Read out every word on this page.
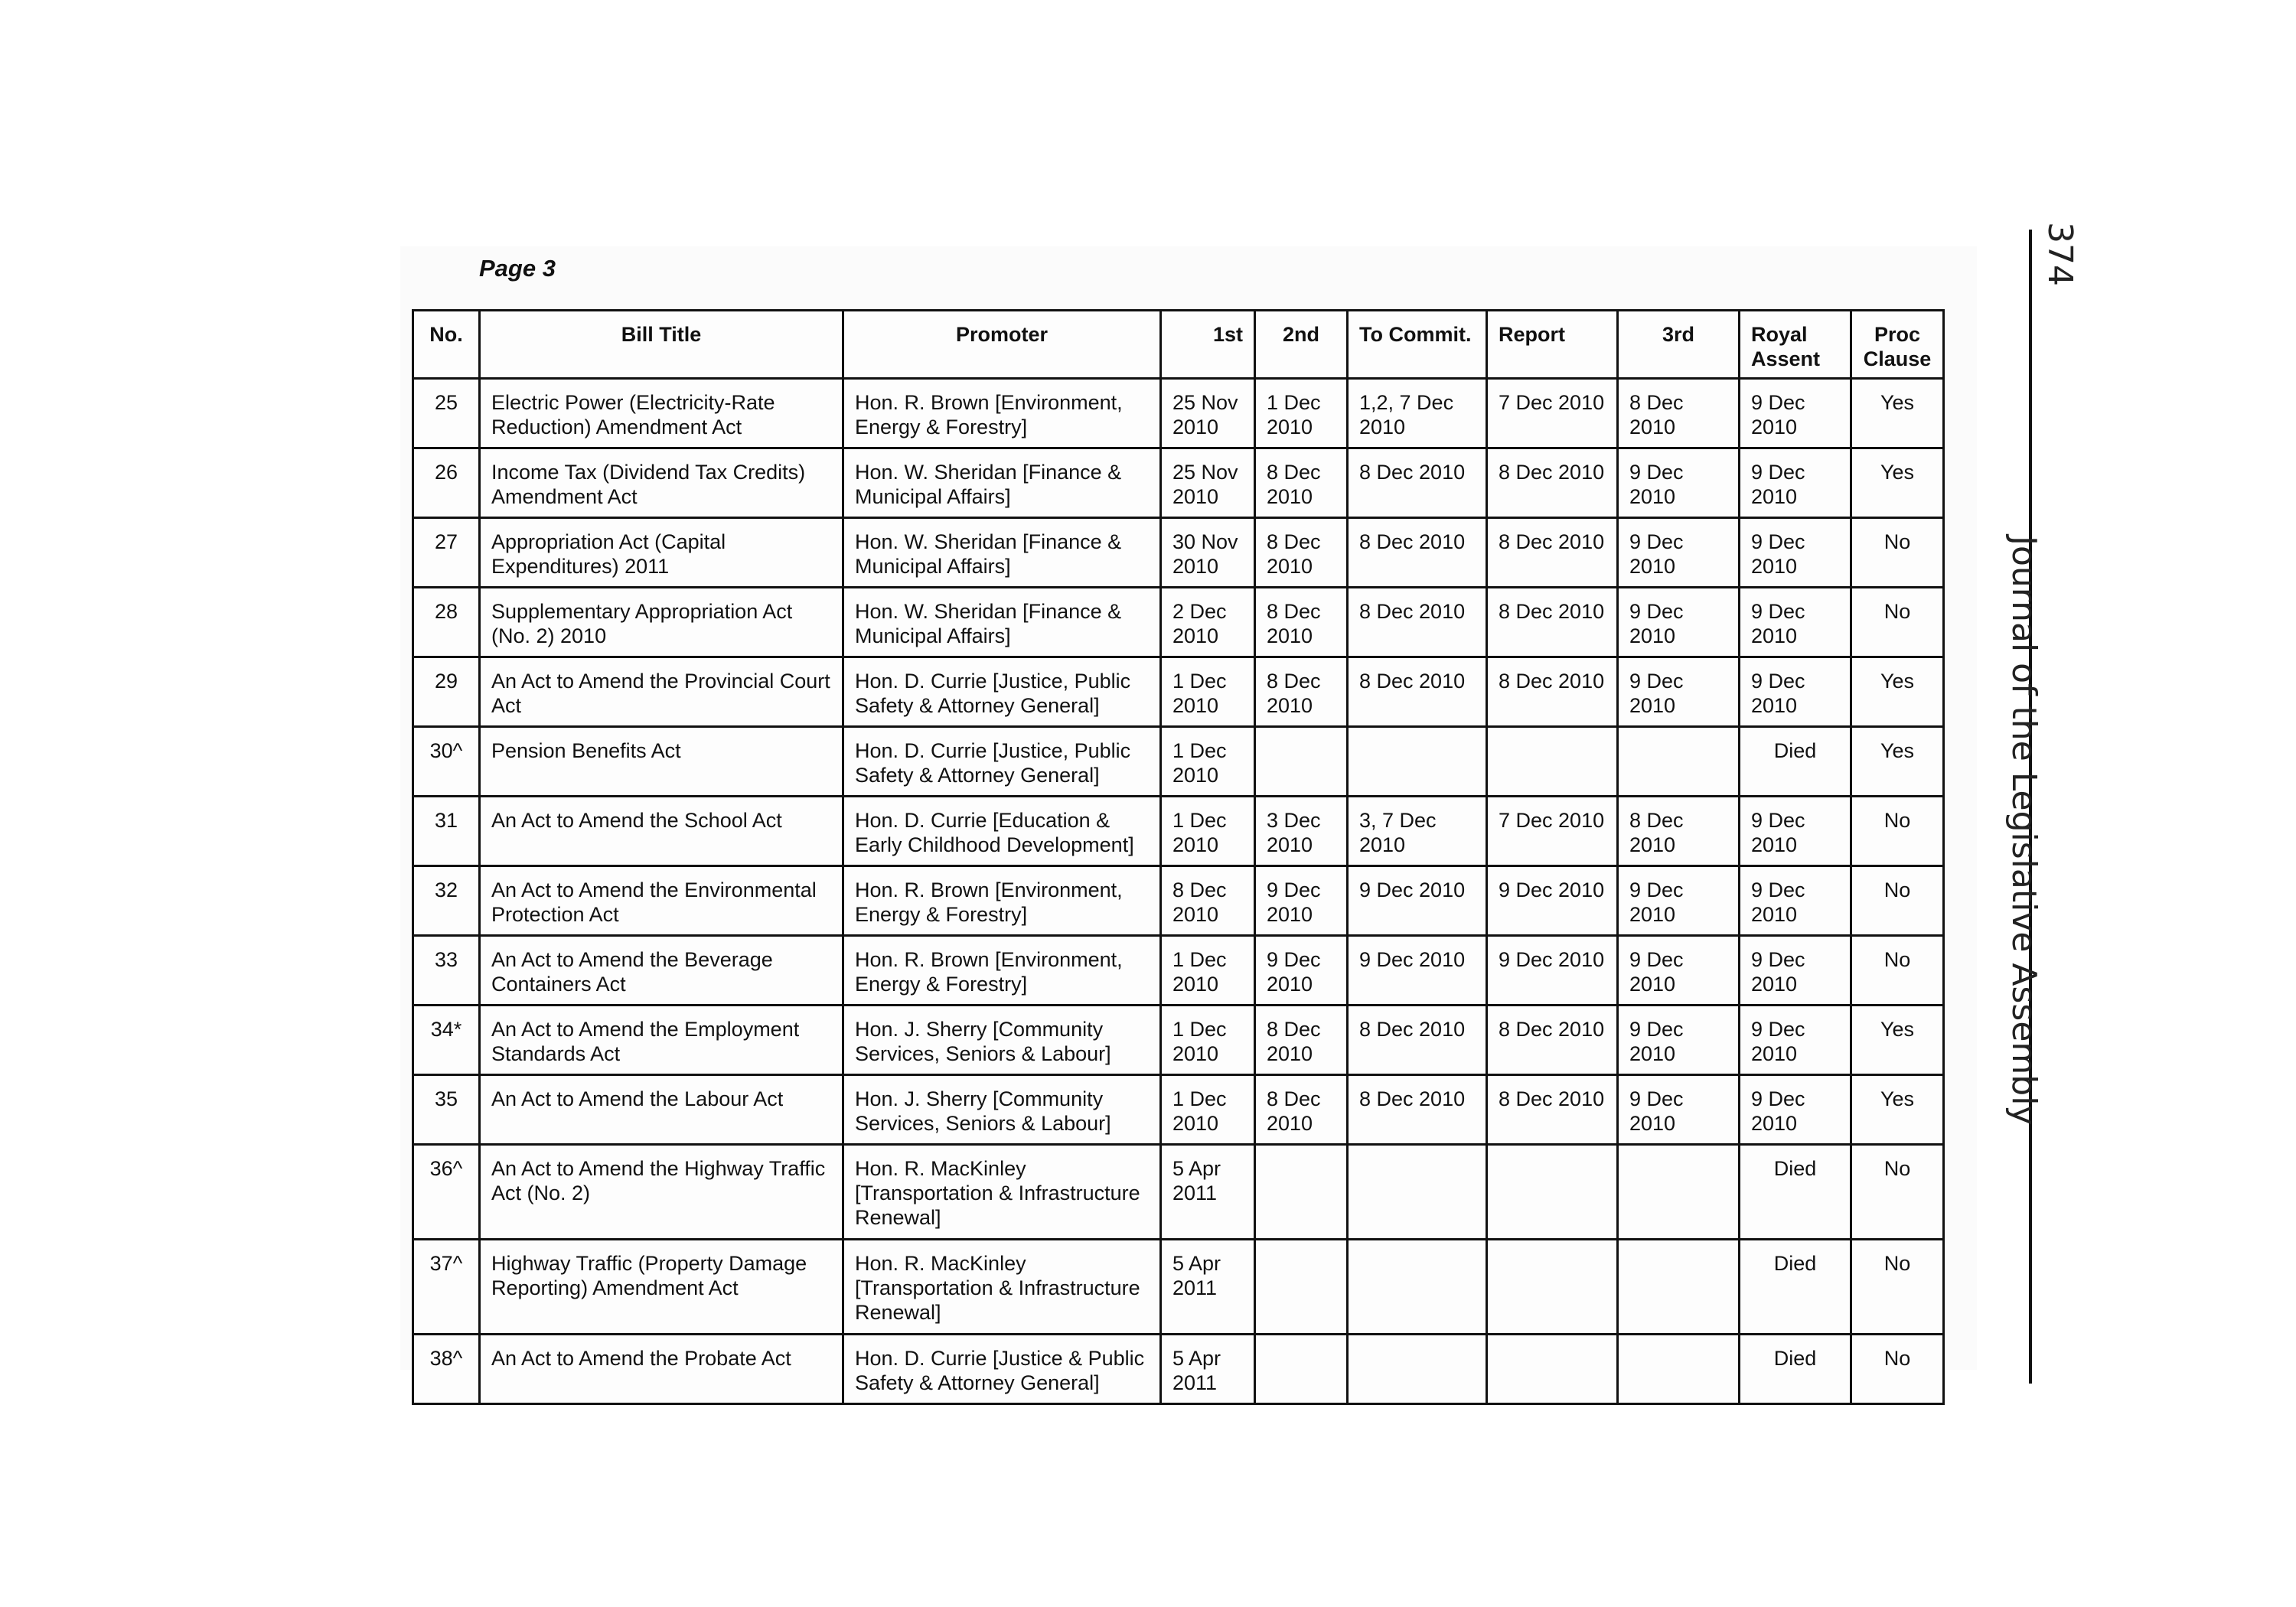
Page 3
No.	Bill Title	Promoter	1st	2nd	To Commit.	Report	3rd	Royal Assent	Proc Clause
25	Electric Power (Electricity-Rate Reduction) Amendment Act	Hon. R. Brown [Environment, Energy & Forestry]	25 Nov 2010	1 Dec 2010	1,2, 7 Dec 2010	7 Dec 2010	8 Dec 2010	9 Dec 2010	Yes
26	Income Tax (Dividend Tax Credits) Amendment Act	Hon. W. Sheridan [Finance & Municipal Affairs]	25 Nov 2010	8 Dec 2010	8 Dec 2010	8 Dec 2010	9 Dec 2010	9 Dec 2010	Yes
27	Appropriation Act (Capital Expenditures) 2011	Hon. W. Sheridan [Finance & Municipal Affairs]	30 Nov 2010	8 Dec 2010	8 Dec 2010	8 Dec 2010	9 Dec 2010	9 Dec 2010	No
28	Supplementary Appropriation Act (No. 2) 2010	Hon. W. Sheridan [Finance & Municipal Affairs]	2 Dec 2010	8 Dec 2010	8 Dec 2010	8 Dec 2010	9 Dec 2010	9 Dec 2010	No
29	An Act to Amend the Provincial Court Act	Hon. D. Currie [Justice, Public Safety & Attorney General]	1 Dec 2010	8 Dec 2010	8 Dec 2010	8 Dec 2010	9 Dec 2010	9 Dec 2010	Yes
30^	Pension Benefits Act	Hon. D. Currie [Justice, Public Safety & Attorney General]	1 Dec 2010					Died	Yes
31	An Act to Amend the School Act	Hon. D. Currie [Education & Early Childhood Development]	1 Dec 2010	3 Dec 2010	3, 7 Dec 2010	7 Dec 2010	8 Dec 2010	9 Dec 2010	No
32	An Act to Amend the Environmental Protection Act	Hon. R. Brown [Environment, Energy & Forestry]	8 Dec 2010	9 Dec 2010	9 Dec 2010	9 Dec 2010	9 Dec 2010	9 Dec 2010	No
33	An Act to Amend the Beverage Containers Act	Hon. R. Brown [Environment, Energy & Forestry]	1 Dec 2010	9 Dec 2010	9 Dec 2010	9 Dec 2010	9 Dec 2010	9 Dec 2010	No
34*	An Act to Amend the Employment Standards Act	Hon. J. Sherry [Community Services, Seniors & Labour]	1 Dec 2010	8 Dec 2010	8 Dec 2010	8 Dec 2010	9 Dec 2010	9 Dec 2010	Yes
35	An Act to Amend the Labour Act	Hon. J. Sherry [Community Services, Seniors & Labour]	1 Dec 2010	8 Dec 2010	8 Dec 2010	8 Dec 2010	9 Dec 2010	9 Dec 2010	Yes
36^	An Act to Amend the Highway Traffic Act (No. 2)	Hon. R. MacKinley [Transportation & Infrastructure Renewal]	5 Apr 2011					Died	No
37^	Highway Traffic (Property Damage Reporting) Amendment Act	Hon. R. MacKinley [Transportation & Infrastructure Renewal]	5 Apr 2011					Died	No
38^	An Act to Amend the Probate Act	Hon. D. Currie [Justice & Public Safety & Attorney General]	5 Apr 2011					Died	No
374
Journal of the Legislative Assembly
